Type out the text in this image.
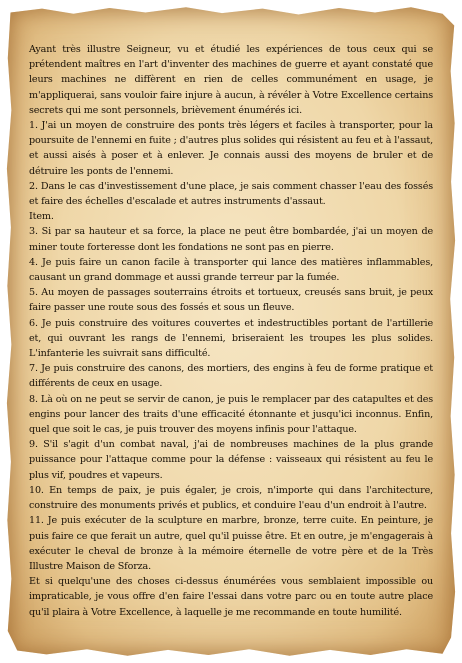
Ayant très illustre Seigneur, vu et étudié les expériences de tous ceux qui se prétendent maîtres en l'art d'inventer des machines de guerre et ayant constaté que leurs machines ne diffèrent en rien de celles communément en usage, je m'appliquerai, sans vouloir faire injure à aucun, à révéler à Votre Excellence certains secrets qui me sont personnels, brièvement énumérés ici.

1. J'ai un moyen de construire des ponts très légers et faciles à transporter, pour la poursuite de l'ennemi en fuite ; d'autres plus solides qui résistent au feu et à l'assaut, et aussi aisés à poser et à enlever. Je connais aussi des moyens de bruler et de détruire les ponts de l'ennemi.

2. Dans le cas d'investissement d'une place, je sais comment chasser l'eau des fossés et faire des échelles d'escalade et autres instruments d'assaut.

Item.

3. Si par sa hauteur et sa force, la place ne peut être bombardée, j'ai un moyen de miner toute forteresse dont les fondations ne sont pas en pierre.

4. Je puis faire un canon facile à transporter qui lance des matières inflammables, causant un grand dommage et aussi grande terreur par la fumée.

5. Au moyen de passages souterrains étroits et tortueux, creusés sans bruit, je peux faire passer une route sous des fossés et sous un fleuve.

6. Je puis construire des voitures couvertes et indestructibles portant de l'artillerie et, qui ouvrant les rangs de l'ennemi, briseraient les troupes les plus solides. L'infanterie les suivrait sans difficulté.

7. Je puis construire des canons, des mortiers, des engins à feu de forme pratique et différents de ceux en usage.

8. Là où on ne peut se servir de canon, je puis le remplacer par des catapultes et des engins pour lancer des traits d'une efficacité étonnante et jusqu'ici inconnus. Enfin, quel que soit le cas, je puis trouver des moyens infinis pour l'attaque.

9. S'il s'agit d'un combat naval, j'ai de nombreuses machines de la plus grande puissance pour l'attaque comme pour la défense : vaisseaux qui résistent au feu le plus vif, poudres et vapeurs.

10. En temps de paix, je puis égaler, je crois, n'importe qui dans l'architecture, construire des monuments privés et publics, et conduire l'eau d'un endroit à l'autre.

11. Je puis exécuter de la sculpture en marbre, bronze, terre cuite. En peinture, je puis faire ce que ferait un autre, quel qu'il puisse être. Et en outre, je m'engagerais à exécuter le cheval de bronze à la mémoire éternelle de votre père et de la Très Illustre Maison de Sforza.

Et si quelqu'une des choses ci-dessus énumérées vous semblaient impossible ou impraticable, je vous offre d'en faire l'essai dans votre parc ou en toute autre place qu'il plaira à Votre Excellence, à laquelle je me recommande en toute humilité.
